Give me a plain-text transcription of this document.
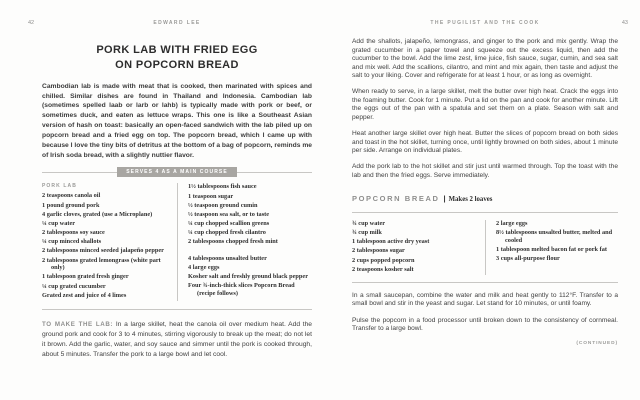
42	EDWARD LEE
PORK LAB WITH FRIED EGG
ON POPCORN BREAD

Cambodian lab is made with meat that is cooked, then marinated with spices and chilled. Similar dishes are found in Thailand and Indonesia. Cambodian lab (sometimes spelled laab or larb or lahb) is typically made with pork or beef, or sometimes duck, and eaten as lettuce wraps. This one is like a Southeast Asian version of hash on toast: basically an open-faced sandwich with the lab piled up on popcorn bread and a fried egg on top. The popcorn bread, which I came up with because I love the tiny bits of detritus at the bottom of a bag of popcorn, reminds me of Irish soda bread, with a slightly nuttier flavor.

SERVES 4 AS A MAIN COURSE

PORK LAB

2 teaspoons canola oil

1 pound ground pork

4 garlic cloves, grated (use a Microplane)

¼ cup water

2 tablespoons soy sauce

¼ cup minced shallots

2 tablespoons minced seeded jalapeño pepper

2 tablespoons grated lemongrass (white part only)

1 tablespoon grated fresh ginger

¼ cup grated cucumber

Grated zest and juice of 4 limes

1½ tablespoons fish sauce

1 teaspoon sugar

½ teaspoon ground cumin

½ teaspoon sea salt, or to taste

¼ cup chopped scallion greens

¼ cup chopped fresh cilantro

2 tablespoons chopped fresh mint

4 tablespoons unsalted butter

4 large eggs

Kosher salt and freshly ground black pepper

Four ¾-inch-thick slices Popcorn Bread (recipe follows)

TO MAKE THE LAB: In a large skillet, heat the canola oil over medium heat. Add the ground pork and cook for 3 to 4 minutes, stirring vigorously to break up the meat; do not let it brown. Add the garlic, water, and soy sauce and simmer until the pork is cooked through, about 5 minutes. Transfer the pork to a large bowl and let cool.

THE PUGILIST AND THE COOK	43

Add the shallots, jalapeño, lemongrass, and ginger to the pork and mix gently. Wrap the grated cucumber in a paper towel and squeeze out the excess liquid, then add the cucumber to the bowl. Add the lime zest, lime juice, fish sauce, sugar, cumin, and sea salt and mix well. Add the scallions, cilantro, and mint and mix again, then taste and adjust the salt to your liking. Cover and refrigerate for at least 1 hour, or as long as overnight.

When ready to serve, in a large skillet, melt the butter over high heat. Crack the eggs into the foaming butter. Cook for 1 minute. Put a lid on the pan and cook for another minute. Lift the eggs out of the pan with a spatula and set them on a plate. Season with salt and pepper.

Heat another large skillet over high heat. Butter the slices of popcorn bread on both sides and toast in the hot skillet, turning once, until lightly browned on both sides, about 1 minute per side. Arrange on individual plates.

Add the pork lab to the hot skillet and stir just until warmed through. Top the toast with the lab and then the fried eggs. Serve immediately.

POPCORN BREAD | Makes 2 loaves

¾ cup water

¾ cup milk

1 tablespoon active dry yeast

2 tablespoons sugar

2 cups popped popcorn

2 teaspoons kosher salt

2 large eggs

8½ tablespoons unsalted butter, melted and cooled

1 tablespoon melted bacon fat or pork fat

3 cups all-purpose flour

In a small saucepan, combine the water and milk and heat gently to 112°F. Transfer to a small bowl and stir in the yeast and sugar. Let stand for 10 minutes, or until foamy.

Pulse the popcorn in a food processor until broken down to the consistency of cornmeal. Transfer to a large bowl.

(CONTINUED)
